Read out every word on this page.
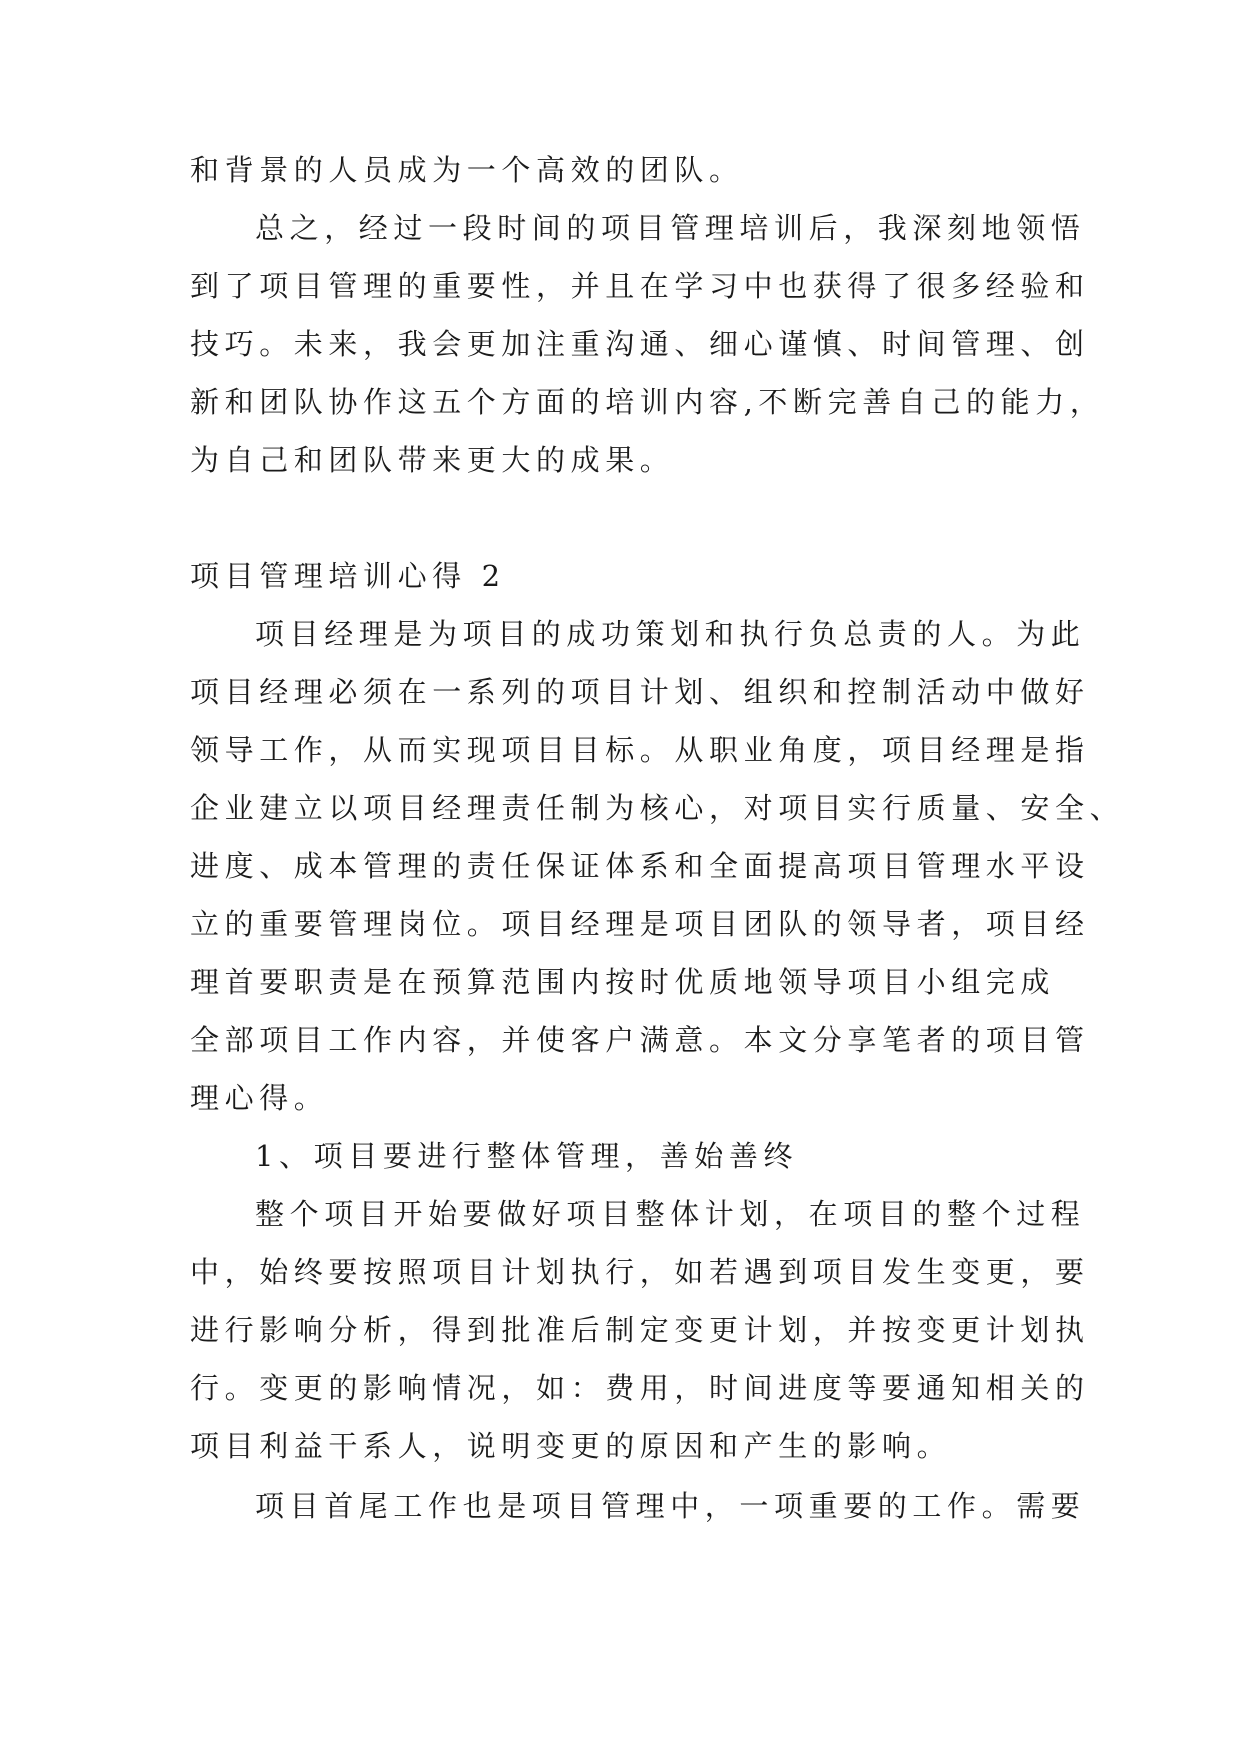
和背景的人员成为一个高效的团队。
总之，经过一段时间的项目管理培训后，我深刻地领悟
到了项目管理的重要性，并且在学习中也获得了很多经验和
技巧。未来，我会更加注重沟通、细心谨慎、时间管理、创
新和团队协作这五个方面的培训内容,不断完善自己的能力，
为自己和团队带来更大的成果。
项目管理培训心得 2
项目经理是为项目的成功策划和执行负总责的人。为此
项目经理必须在一系列的项目计划、组织和控制活动中做好
领导工作，从而实现项目目标。从职业角度，项目经理是指
企业建立以项目经理责任制为核心，对项目实行质量、安全、
进度、成本管理的责任保证体系和全面提高项目管理水平设
立的重要管理岗位。项目经理是项目团队的领导者，项目经
理首要职责是在预算范围内按时优质地领导项目小组完成
全部项目工作内容，并使客户满意。本文分享笔者的项目管
理心得。
1、项目要进行整体管理，善始善终
整个项目开始要做好项目整体计划，在项目的整个过程
中，始终要按照项目计划执行，如若遇到项目发生变更，要
进行影响分析，得到批准后制定变更计划，并按变更计划执
行。变更的影响情况，如：费用，时间进度等要通知相关的
项目利益干系人，说明变更的原因和产生的影响。
项目首尾工作也是项目管理中，一项重要的工作。需要
